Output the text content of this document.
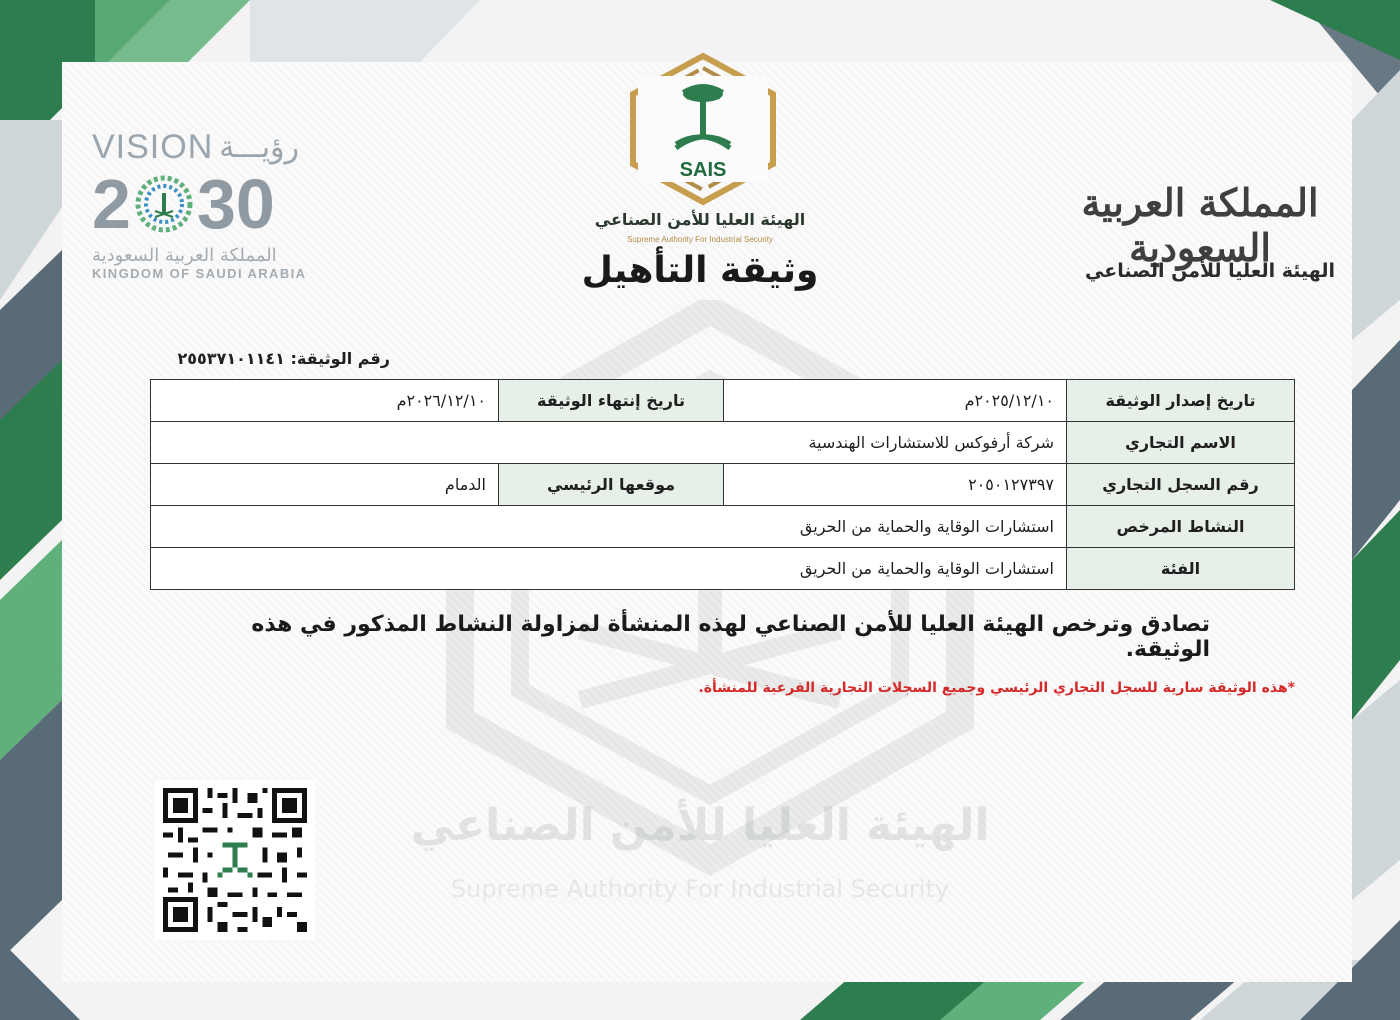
الهيئة العليا للأمن الصناعي
Supreme Authority For Industrial Security
VISION رؤيـــة
2 30
المملكة العربية السعودية
KINGDOM OF SAUDI ARABIA
SAIS
الهيئة العليا للأمن الصناعي
Supreme Authority For Industrial Security
وثيقة التأهيل
المملكة العربية السعودية
الهيئة العليا للأمن الصناعي
رقم الوثيقة: ٢٥٥٣٧١٠١١٤١
تاريخ إصدار الوثيقة	٢٠٢٥/١٢/١٠م	تاريخ إنتهاء الوثيقة	٢٠٢٦/١٢/١٠م
الاسم التجاري	شركة أرفوكس للاستشارات الهندسية		
رقم السجل التجاري	٢٠٥٠١٢٧٣٩٧	موقعها الرئيسي	الدمام
النشاط المرخص	استشارات الوقاية والحماية من الحريق		
الفئة	استشارات الوقاية والحماية من الحريق		
تصادق وترخص الهيئة العليا للأمن الصناعي لهذه المنشأة لمزاولة النشاط المذكور في هذه الوثيقة.
*هذه الوثيقة سارية للسجل التجاري الرئيسي وجميع السجلات التجارية الفرعية للمنشأة.
